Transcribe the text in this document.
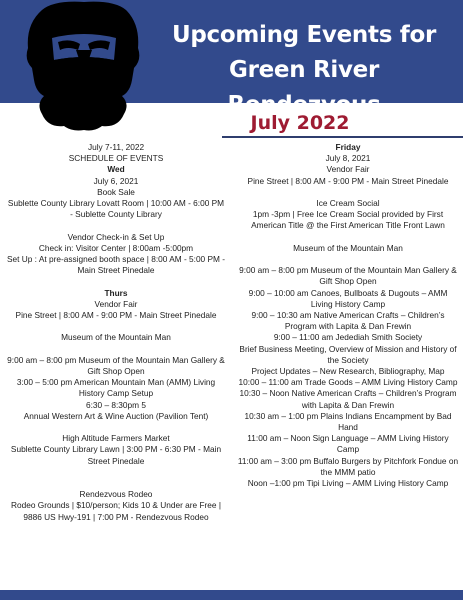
Upcoming Events for
Green River Rendezvous
July 2022

July 7-11, 2022

SCHEDULE OF EVENTS

Wed

July 6, 2021

Book Sale

Sublette County Library Lovatt Room | 10:00 AM - 6:00 PM - Sublette County Library

Vendor Check-in & Set Up

Check in: Visitor Center | 8:00am -5:00pm

Set Up : At pre-assigned booth space | 8:00 AM - 5:00 PM - Main Street Pinedale

Thurs

Vendor Fair

Pine Street | 8:00 AM - 9:00 PM - Main Street Pinedale

Museum of the Mountain Man

9:00 am – 8:00 pm Museum of the Mountain Man Gallery & Gift Shop Open

3:00 – 5:00 pm American Mountain Man (AMM) Living History Camp Setup

6:30 – 8:30pm 5

Annual Western Art & Wine Auction (Pavilion Tent)

High Altitude Farmers Market

Sublette County Library Lawn | 3:00 PM - 6:30 PM - Main Street Pinedale

Rendezvous Rodeo

Rodeo Grounds | $10/person; Kids 10 & Under are Free | 9886 US Hwy-191 | 7:00 PM - Rendezvous Rodeo

Friday

July 8, 2021

Vendor Fair

Pine Street | 8:00 AM - 9:00 PM - Main Street Pinedale

Ice Cream Social

1pm -3pm | Free Ice Cream Social provided by First American Title @ the First American Title Front Lawn

Museum of the Mountain Man

9:00 am – 8:00 pm Museum of the Mountain Man Gallery & Gift Shop Open

9:00 – 10:00 am Canoes, Bullboats & Dugouts – AMM Living History Camp

9:00 – 10:30 am Native American Crafts – Children’s Program with Lapita & Dan Frewin

9:00 – 11:00 am Jedediah Smith Society

Brief Business Meeting, Overview of Mission and History of the Society

Project Updates – New Research, Bibliography, Map

10:00 – 11:00 am Trade Goods – AMM Living History Camp

10:30 – Noon Native American Crafts – Children’s Program with Lapita & Dan Frewin

10:30 am – 1:00 pm Plains Indians Encampment by Bad Hand

11:00 am – Noon Sign Language – AMM Living History Camp

11:00 am – 3:00 pm Buffalo Burgers by Pitchfork Fondue on the MMM patio

Noon –1:00 pm Tipi Living – AMM Living History Camp
